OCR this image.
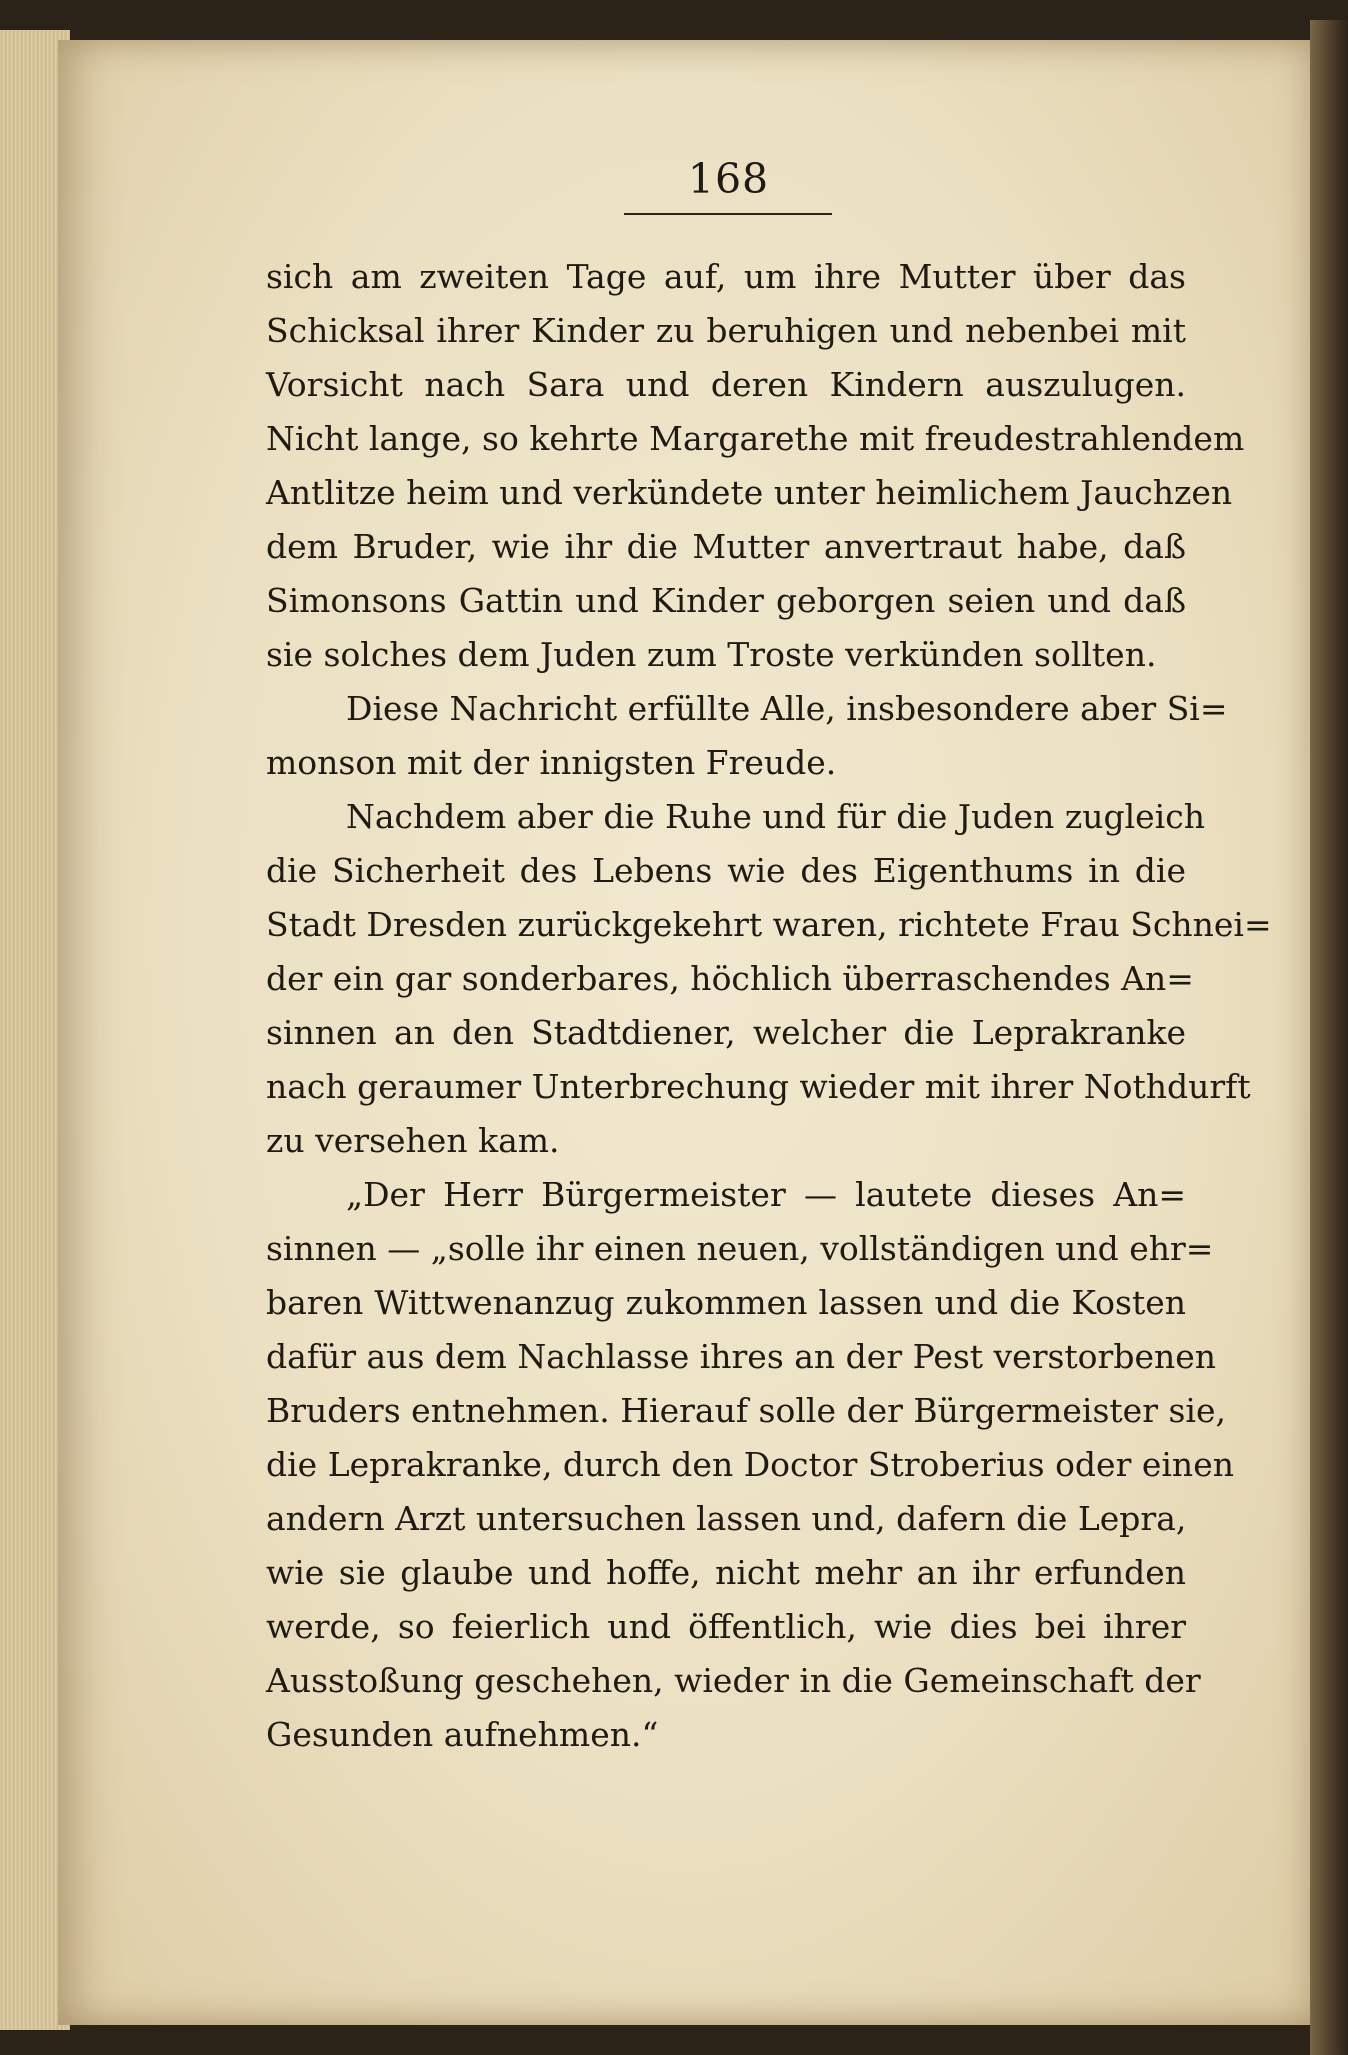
168
sich am zweiten Tage auf, um ihre Mutter über das
Schicksal ihrer Kinder zu beruhigen und nebenbei mit
Vorsicht nach Sara und deren Kindern auszulugen.
Nicht lange, so kehrte Margarethe mit freudestrahlendem
Antlitze heim und verkündete unter heimlichem Jauchzen
dem Bruder, wie ihr die Mutter anvertraut habe, daß
Simonsons Gattin und Kinder geborgen seien und daß
sie solches dem Juden zum Troste verkünden sollten.
Diese Nachricht erfüllte Alle, insbesondere aber Si=
monson mit der innigsten Freude.
Nachdem aber die Ruhe und für die Juden zugleich
die Sicherheit des Lebens wie des Eigenthums in die
Stadt Dresden zurückgekehrt waren, richtete Frau Schnei=
der ein gar sonderbares, höchlich überraschendes An=
sinnen an den Stadtdiener, welcher die Leprakranke
nach geraumer Unterbrechung wieder mit ihrer Nothdurft
zu versehen kam.
„Der Herr Bürgermeister — lautete dieses An=
sinnen — „solle ihr einen neuen, vollständigen und ehr=
baren Wittwenanzug zukommen lassen und die Kosten
dafür aus dem Nachlasse ihres an der Pest verstorbenen
Bruders entnehmen. Hierauf solle der Bürgermeister sie,
die Leprakranke, durch den Doctor Stroberius oder einen
andern Arzt untersuchen lassen und, dafern die Lepra,
wie sie glaube und hoffe, nicht mehr an ihr erfunden
werde, so feierlich und öffentlich, wie dies bei ihrer
Ausstoßung geschehen, wieder in die Gemeinschaft der
Gesunden aufnehmen.“
